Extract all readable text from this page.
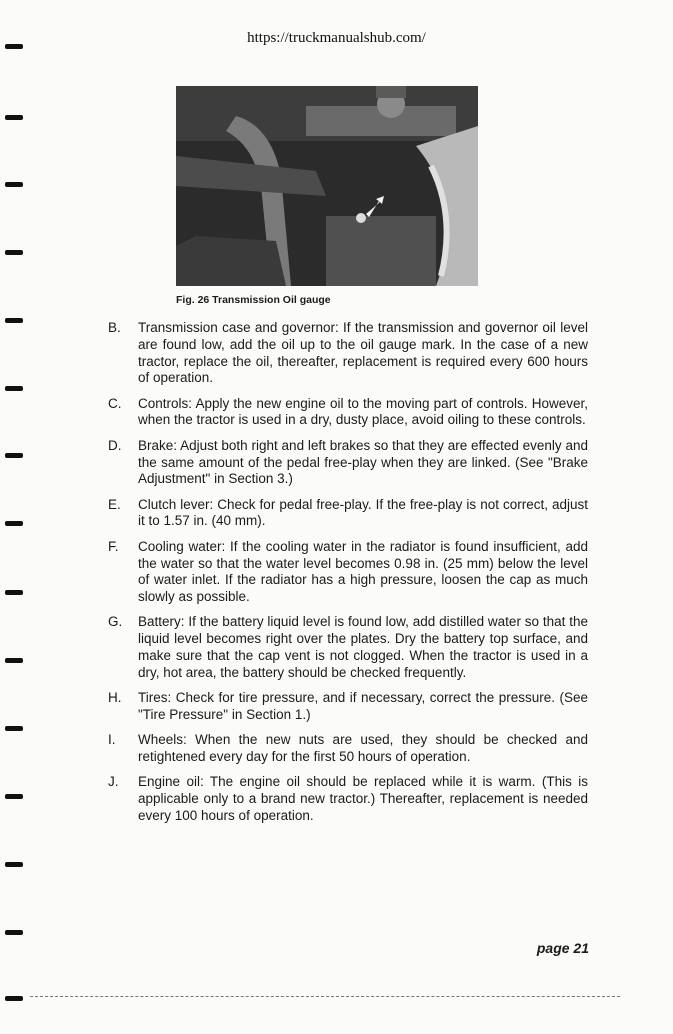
https://truckmanualshub.com/
Fig. 26 Transmission Oil gauge
B.	Transmission case and governor: If the transmission and governor oil level are found low, add the oil up to the oil gauge mark. In the case of a new tractor, replace the oil, thereafter, replacement is required every 600 hours of operation.
C.	Controls: Apply the new engine oil to the moving part of controls. However, when the tractor is used in a dry, dusty place, avoid oiling to these controls.
D.	Brake: Adjust both right and left brakes so that they are effected evenly and the same amount of the pedal free-play when they are linked. (See "Brake Adjustment" in Section 3.)
E.	Clutch lever: Check for pedal free-play. If the free-play is not correct, adjust it to 1.57 in. (40 mm).
F.	Cooling water: If the cooling water in the radiator is found insufficient, add the water so that the water level becomes 0.98 in. (25 mm) below the level of water inlet. If the radiator has a high pressure, loosen the cap as much slowly as possible.
G.	Battery: If the battery liquid level is found low, add distilled water so that the liquid level becomes right over the plates. Dry the battery top surface, and make sure that the cap vent is not clogged. When the tractor is used in a dry, hot area, the battery should be checked frequently.
H.	Tires: Check for tire pressure, and if necessary, correct the pressure. (See "Tire Pressure" in Section 1.)
I.	Wheels: When the new nuts are used, they should be checked and retightened every day for the first 50 hours of operation.
J.	Engine oil: The engine oil should be replaced while it is warm. (This is applicable only to a brand new tractor.) Thereafter, replacement is needed every 100 hours of operation.
page 21
